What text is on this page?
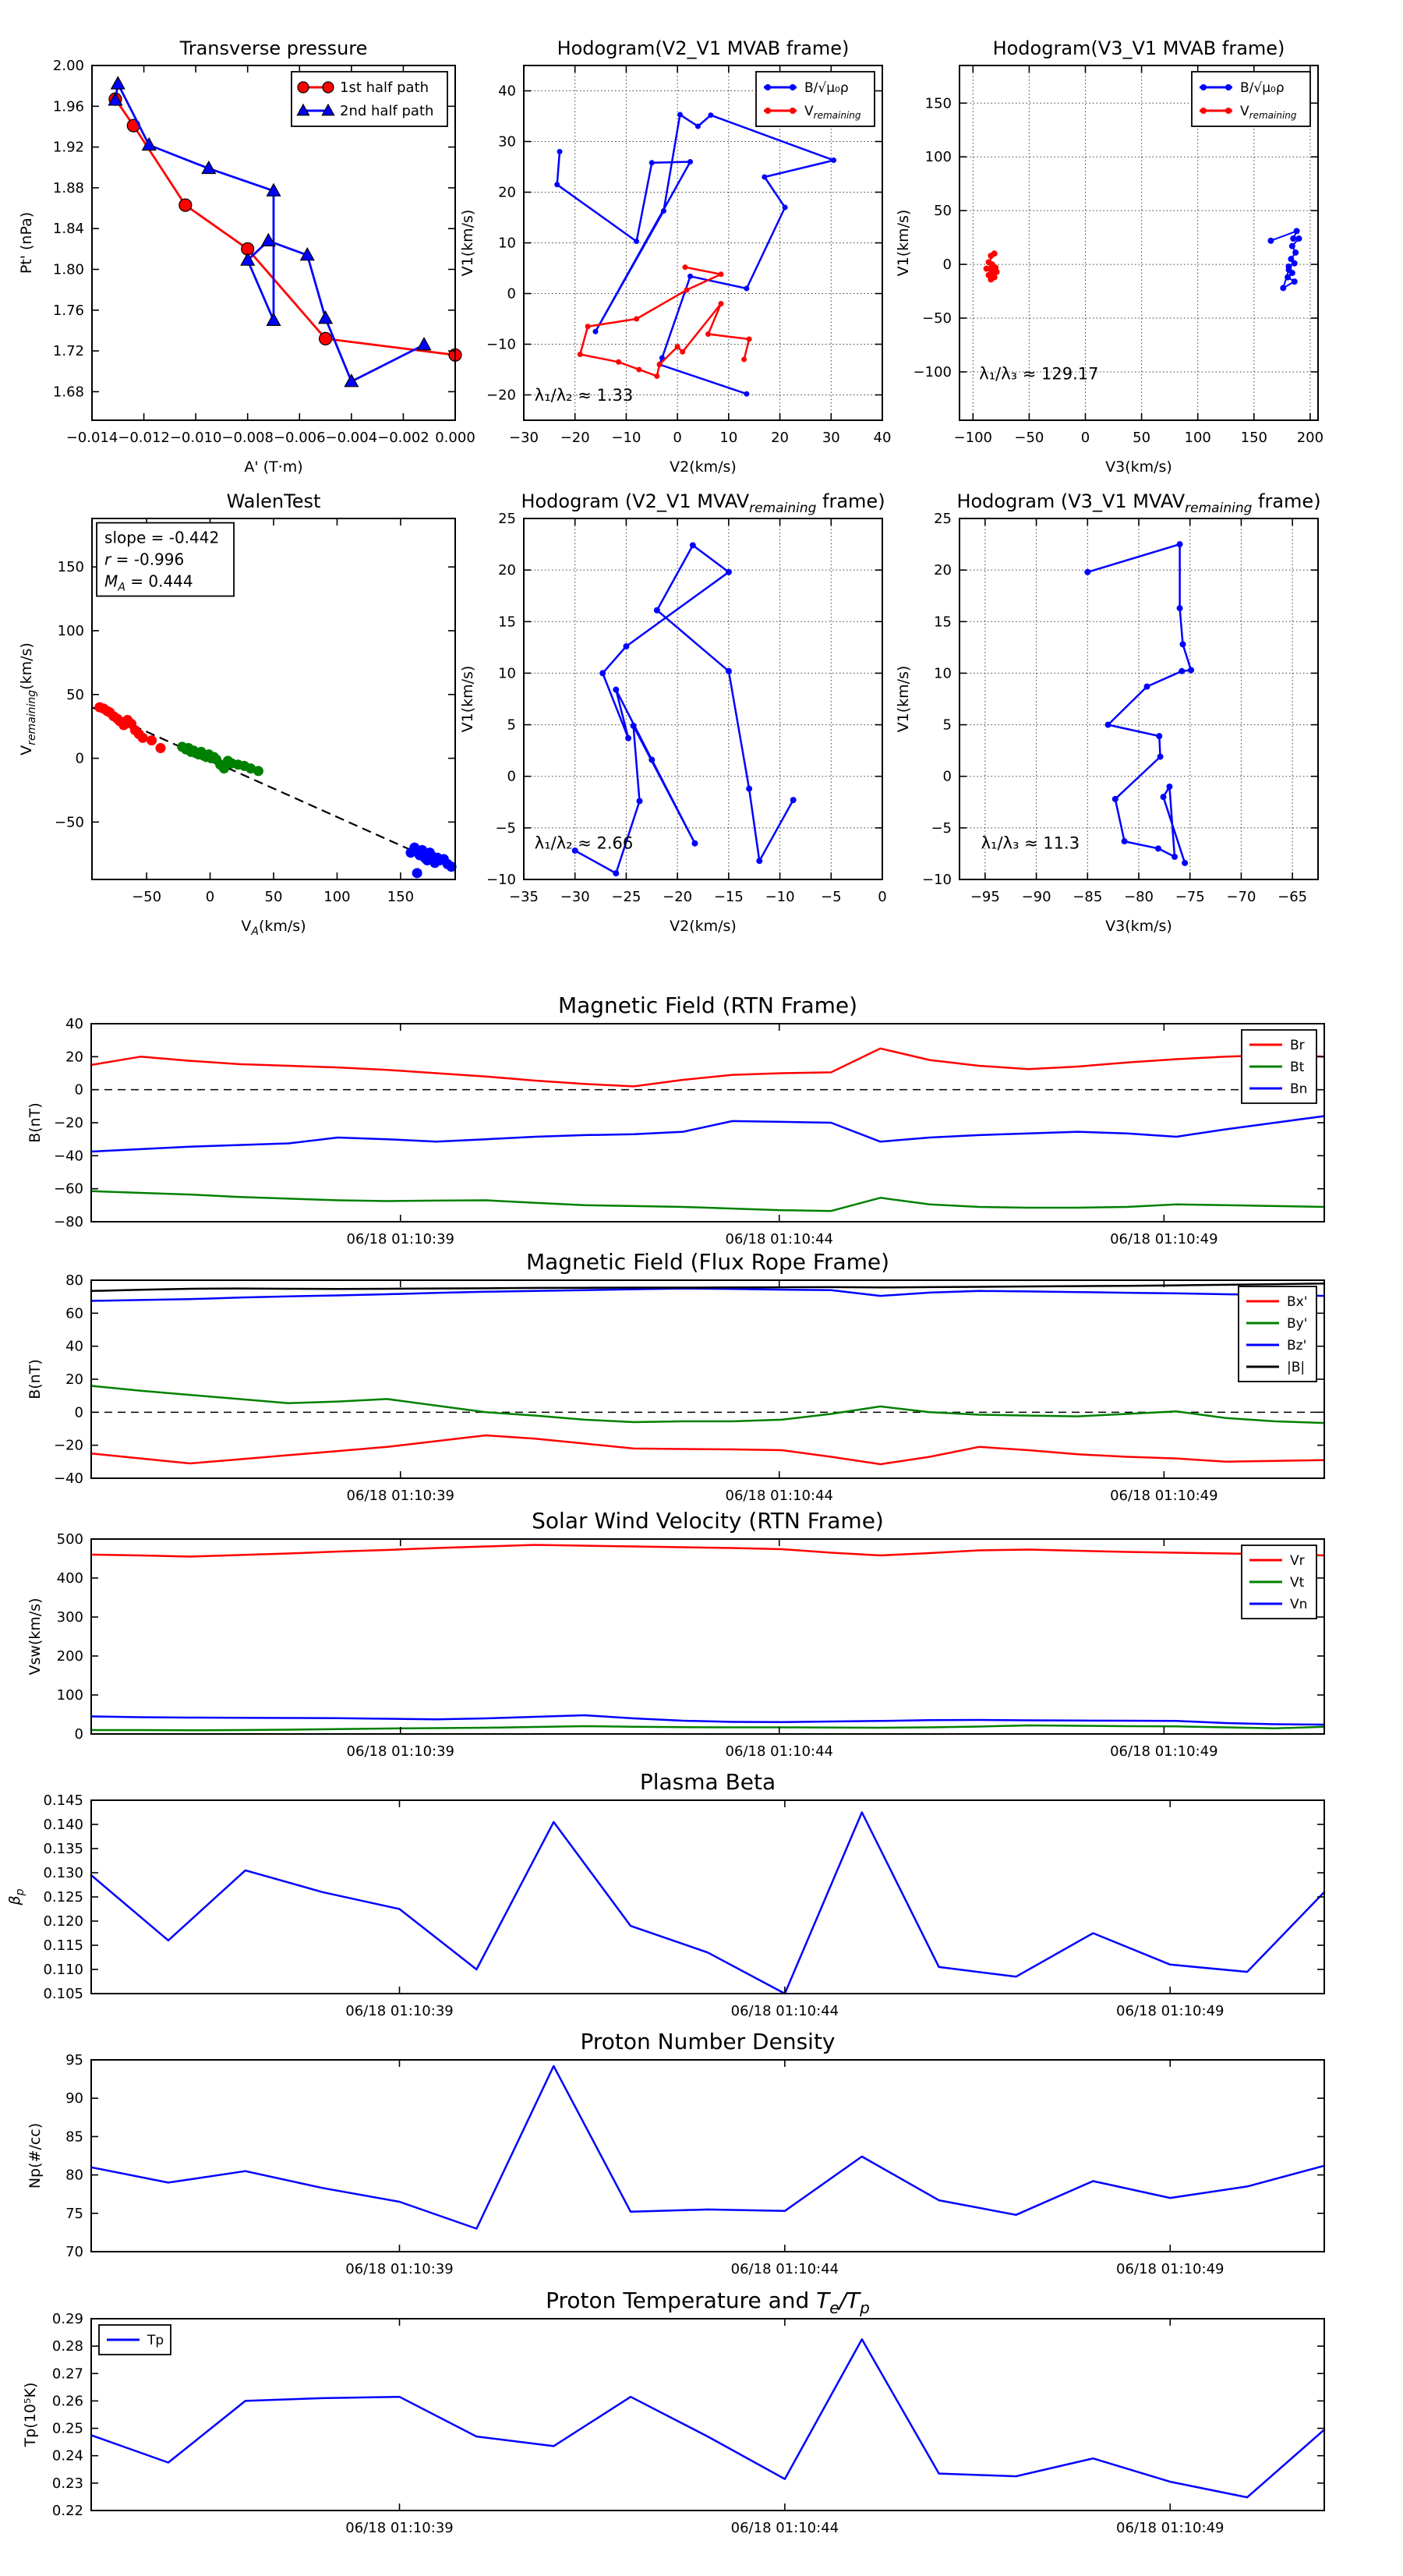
−0.014 −0.012 −0.010 −0.008 −0.006 −0.004 −0.002 0.000
1.68
1.72
1.76
1.80
1.84
1.88
1.92
1.96
2.00
Transverse pressure
A' (T·m)
Pt' (nPa)
1st half path
2nd half path
−30 −20 −10 0	10 20 30 40
−20
−10
0
10
20
30
40
Hodogram(V2_V1 MVAB frame)
V2(km/s)
V1(km/s)
B/√μ₀ρ
$V_{remaining}$
λ₁/λ₂ ≈ 1.33
−100 −50	0	50 100 150 200
−100
−50
0
50
100
150
Hodogram(V3_V1 MVAB frame)
V3(km/s)
V1(km/s)
B/√μ₀ρ
$V_{remaining}$
λ₁/λ₃ ≈ 129.17
−50	0	50	100	150
−50
0
50
100
150
WalenTest
$V_A(km/s)$
$V_{remaining}(km/s)$
slope = -0.442
r = -0.996
$M_A = 0.444$
−35 −30 −25 −20 −15 −10 −5	0
−10
−5
0
5
10
15
20
25
Hodogram (V2_V1 $MVAV_{remaining}$ frame)
V2(km/s)
V1(km/s)
λ₁/λ₂ ≈ 2.66
−95 −90 −85 −80 −75 −70 −65
−10
−5
0
5
10
15
20
25
Hodogram (V3_V1 $MVAV_{remaining}$ frame)
V3(km/s)
V1(km/s)
λ₁/λ₃ ≈ 11.3
06/18 01:10:39	06/18 01:10:44	06/18 01:10:49
−80
−60
−40
−20
0
20
40
Magnetic Field (RTN Frame)
B(nT)
Br
Bt
Bn
06/18 01:10:39	06/18 01:10:44	06/18 01:10:49
−40
−20
0
20
40
60
80
Magnetic Field (Flux Rope Frame)
B(nT)
Bx'
By'
Bz'
|B|
06/18 01:10:39	06/18 01:10:44	06/18 01:10:49
0
100
200
300
400
500
Solar Wind Velocity (RTN Frame)
Vsw(km/s)
Vr
Vt
Vn
06/18 01:10:39	06/18 01:10:44	06/18 01:10:49
0.105
0.110
0.115
0.120
0.125
0.130
0.135
0.140
0.145
Plasma Beta
$\beta_p$
06/18 01:10:39	06/18 01:10:44	06/18 01:10:49
70
75
80
85
90
95
Proton Number Density
Np(#/cc)
06/18 01:10:39	06/18 01:10:44	06/18 01:10:49
0.22
0.23
0.24
0.25
0.26
0.27
0.28
0.29
Proton Temperature and $T_e/T_p$
Tp(10⁵K)
Tp
